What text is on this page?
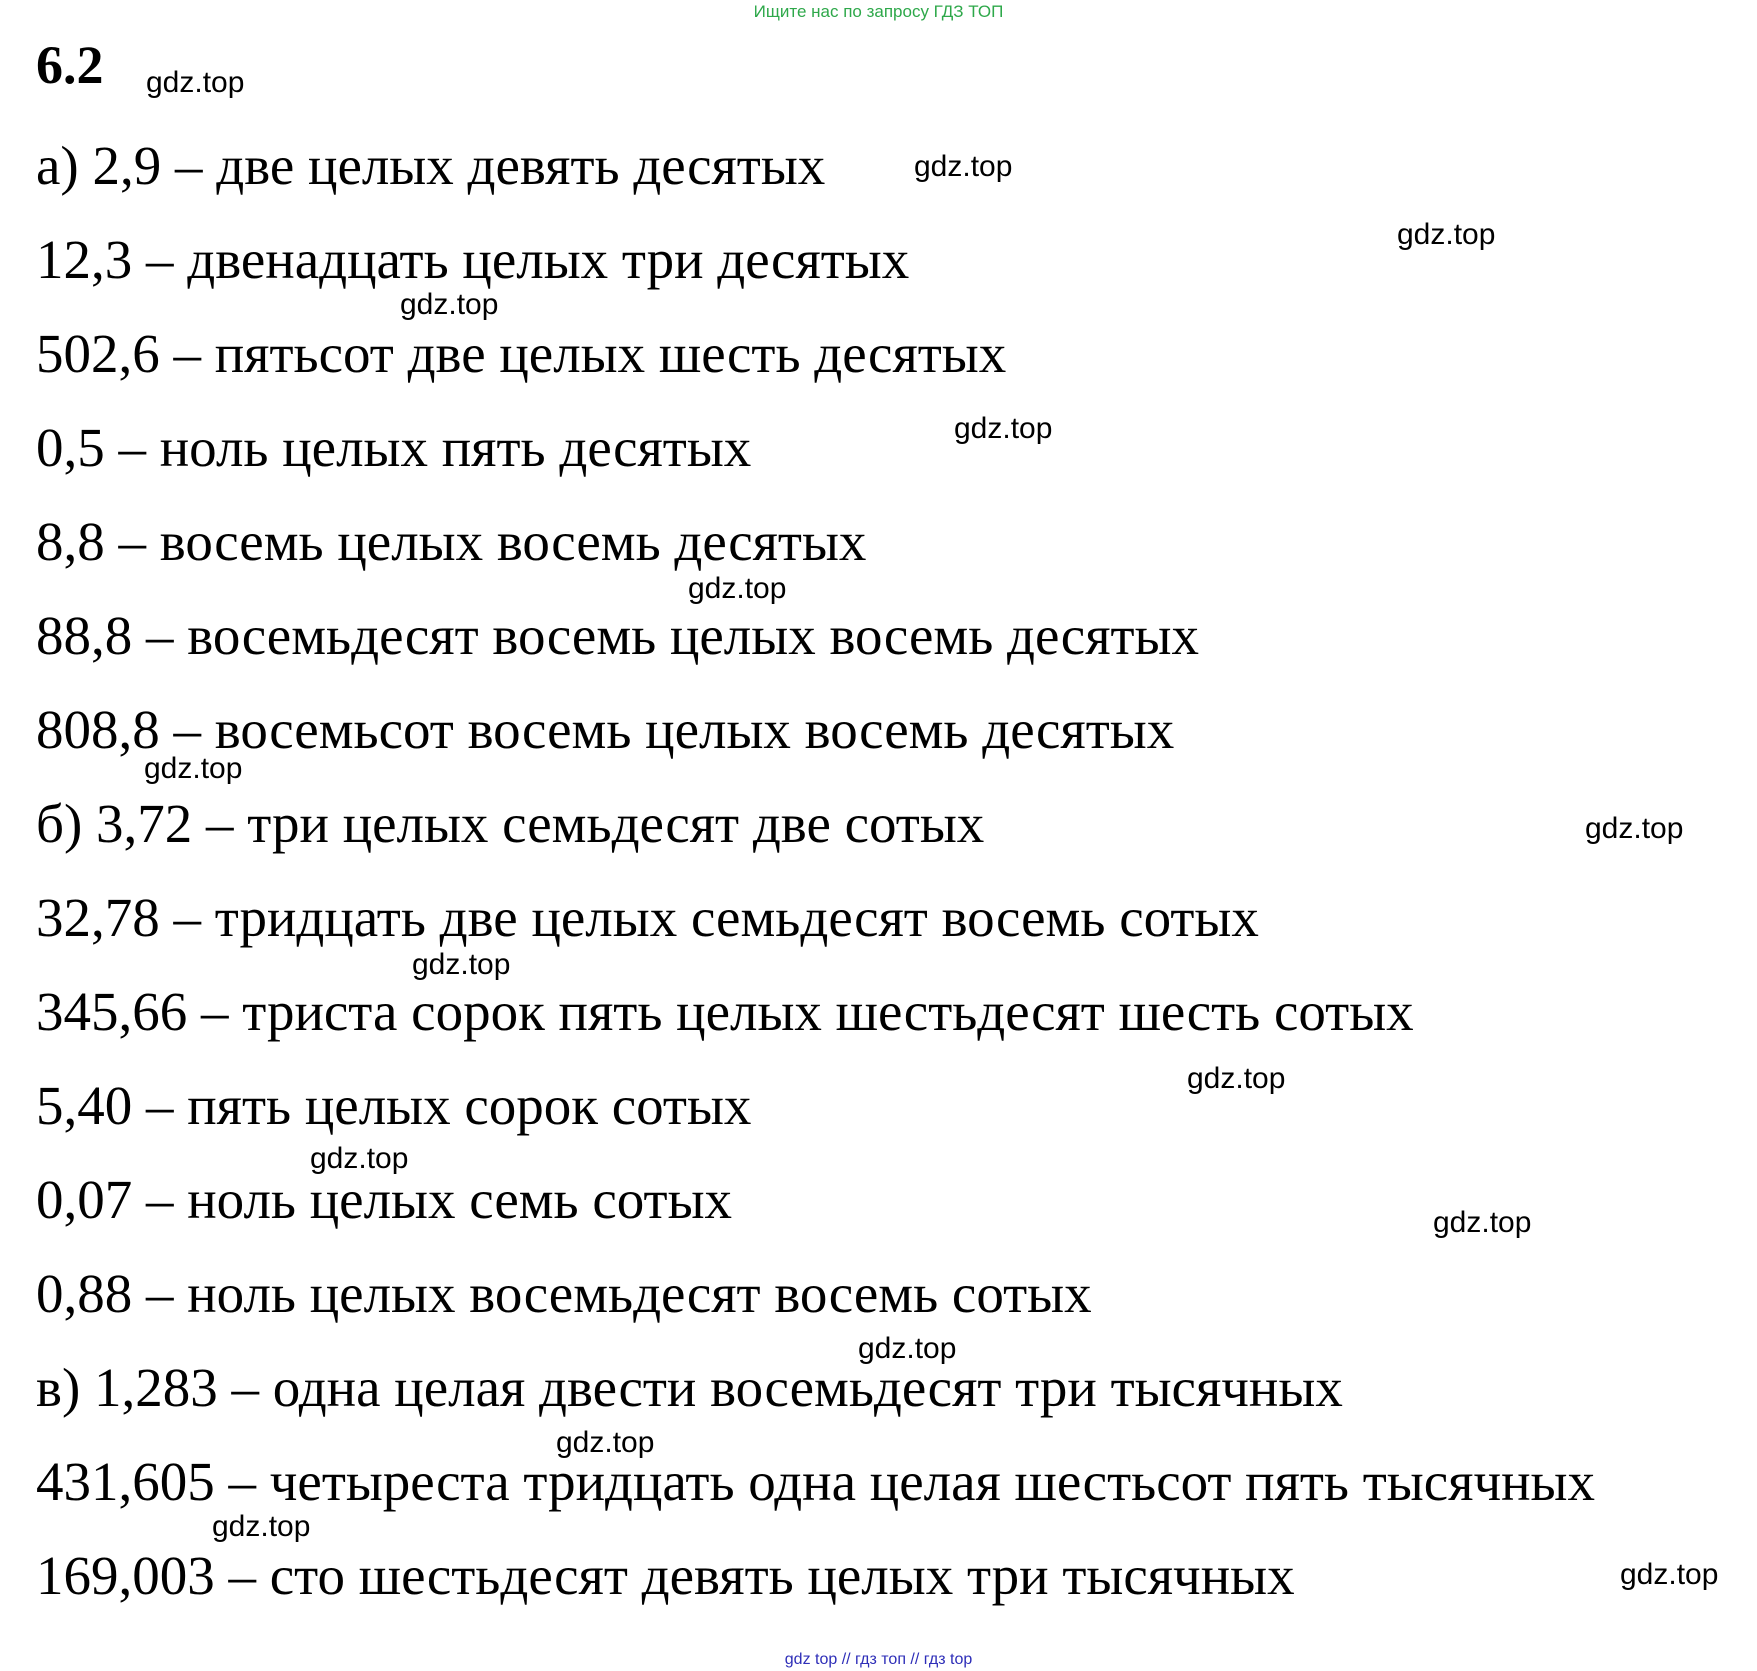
Ищите нас по запросу ГДЗ ТОП
6.2
а) 2,9 – две целых девять десятых
12,3 – двенадцать целых три десятых
502,6 – пятьсот две целых шесть десятых
0,5 – ноль целых пять десятых
8,8 – восемь целых восемь десятых
88,8 – восемьдесят восемь целых восемь десятых
808,8 – восемьсот восемь целых восемь десятых
б) 3,72 – три целых семьдесят две сотых
32,78 – тридцать две целых семьдесят восемь сотых
345,66 – триста сорок пять целых шестьдесят шесть сотых
5,40 – пять целых сорок сотых
0,07 – ноль целых семь сотых
0,88 – ноль целых восемьдесят восемь сотых
в) 1,283 – одна целая двести восемьдесят три тысячных
431,605 – четыреста тридцать одна целая шестьсот пять тысячных
169,003 – сто шестьдесят девять целых три тысячных
gdz.top
gdz.top
gdz.top
gdz.top
gdz.top
gdz.top
gdz.top
gdz.top
gdz.top
gdz.top
gdz.top
gdz.top
gdz.top
gdz.top
gdz.top
gdz.top
gdz top // гдз топ // гдз top
